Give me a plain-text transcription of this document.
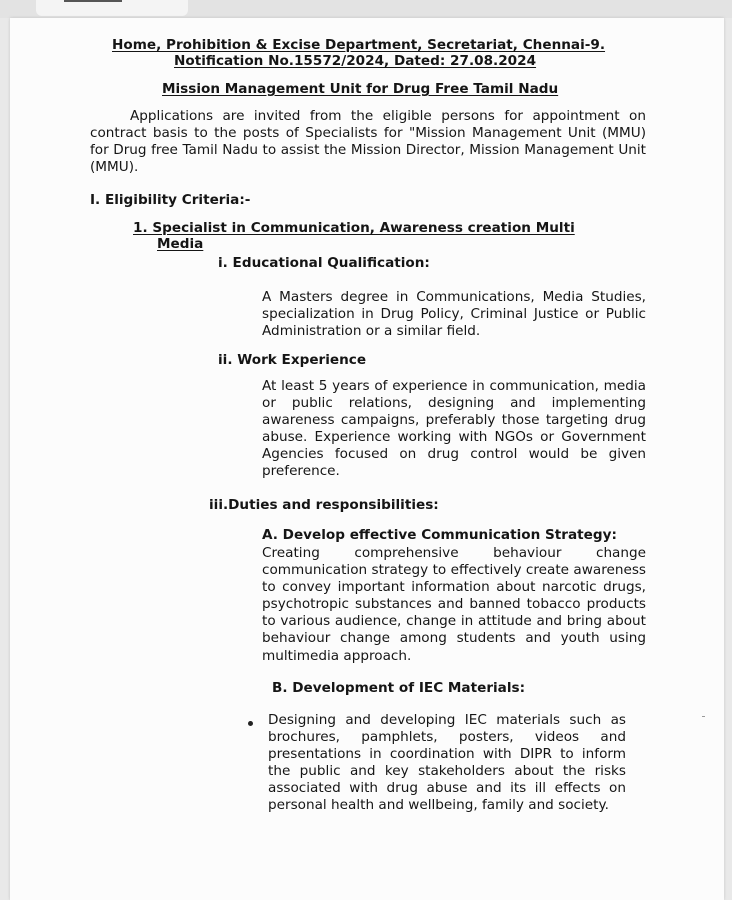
Home, Prohibition & Excise Department, Secretariat, Chennai-9.
Notification No.15572/2024, Dated: 27.08.2024
Mission Management Unit for Drug Free Tamil Nadu
Applications are invited from the eligible persons for appointment on contract basis to the posts of Specialists for "Mission Management Unit (MMU) for Drug free Tamil Nadu to assist the Mission Director, Mission Management Unit (MMU).
I. Eligibility Criteria:-
1. Specialist in Communication, Awareness creation Multi
Media
i. Educational Qualification:
A Masters degree in Communications, Media Studies, specialization in Drug Policy, Criminal Justice or Public Administration or a similar field.
ii. Work Experience
At least 5 years of experience in communication, media or public relations, designing and implementing awareness campaigns, preferably those targeting drug abuse. Experience working with NGOs or Government Agencies focused on drug control would be given preference.
iii.Duties and responsibilities:
A. Develop effective Communication Strategy:
Creating comprehensive behaviour change communication strategy to effectively create awareness to convey important information about narcotic drugs, psychotropic substances and banned tobacco products to various audience, change in attitude and bring about behaviour change among students and youth using multimedia approach.
B. Development of IEC Materials:
Designing and developing IEC materials such as brochures, pamphlets, posters, videos and presentations in coordination with DIPR to inform the public and key stakeholders about the risks associated with drug abuse and its ill effects on personal health and wellbeing, family and society.
